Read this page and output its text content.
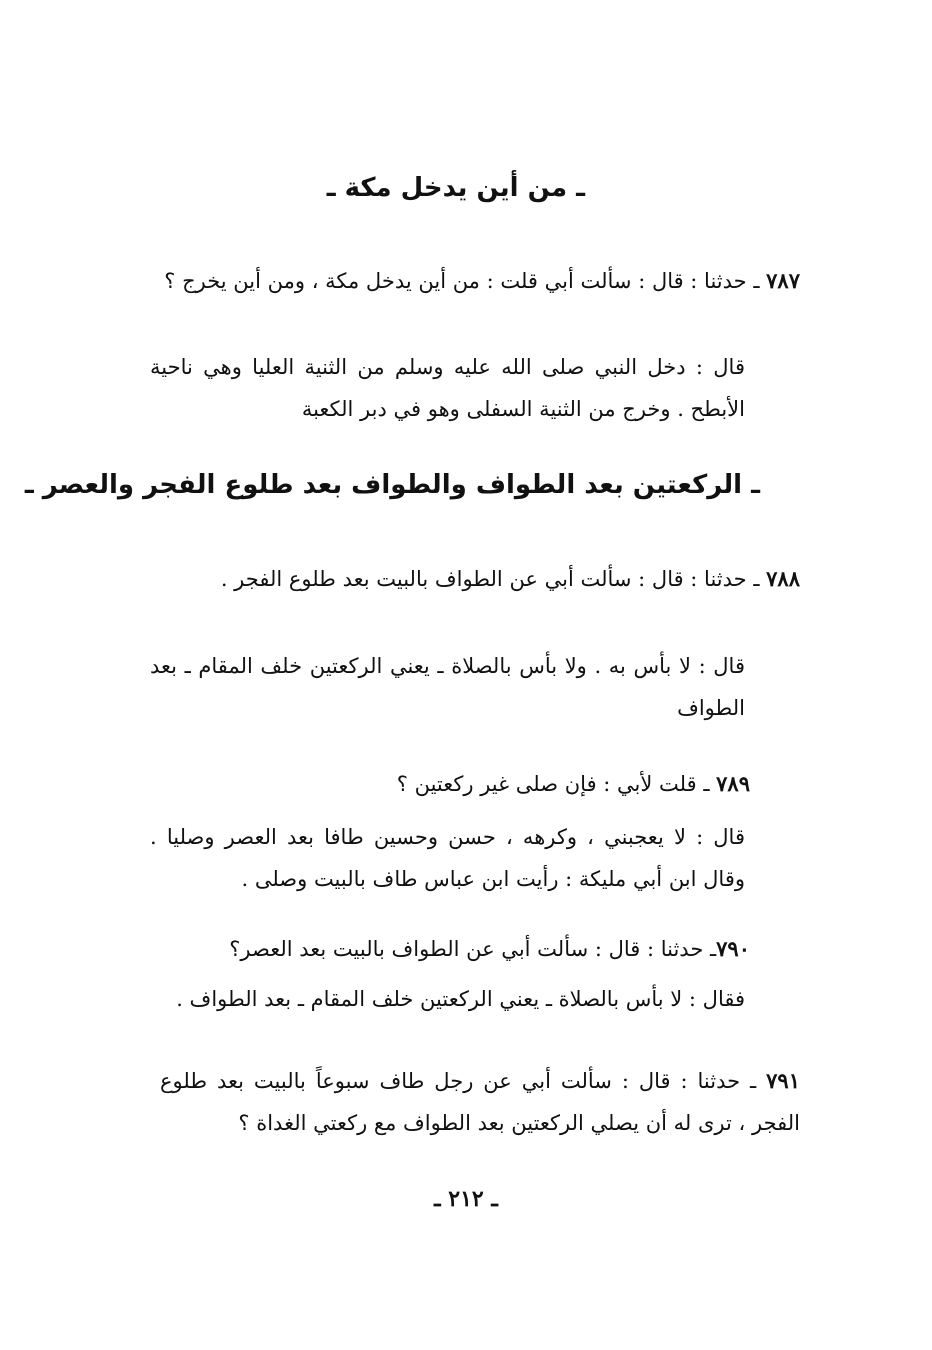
ـ من أين يدخل مكة ـ
٧٨٧ ـ حدثنا : قال : سألت أبي قلت : من أين يدخل مكة ، ومن أين يخرج ؟
قال : دخل النبي صلى الله عليه وسلم من الثنية العليا وهي ناحية الأبطح . وخرج من الثنية السفلى وهو في دبر الكعبة
ـ الركعتين بعد الطواف والطواف بعد طلوع الفجر والعصر ـ
٧٨٨ ـ حدثنا : قال : سألت أبي عن الطواف بالبيت بعد طلوع الفجر .
قال : لا بأس به . ولا بأس بالصلاة ـ يعني الركعتين خلف المقام ـ بعد الطواف
٧٨٩ ـ قلت لأبي : فإن صلى غير ركعتين ؟
قال : لا يعجبني ، وكرهه ، حسن وحسين طافا بعد العصر وصليا . وقال ابن أبي مليكة : رأيت ابن عباس طاف بالبيت وصلى .
٧٩٠ـ حدثنا : قال : سألت أبي عن الطواف بالبيت بعد العصر؟
فقال : لا بأس بالصلاة ـ يعني الركعتين خلف المقام ـ بعد الطواف .
٧٩١ ـ حدثنا : قال : سألت أبي عن رجل طاف سبوعاً بالبيت بعد طلوع الفجر ، ترى له أن يصلي الركعتين بعد الطواف مع ركعتي الغداة ؟
ـ ٢١٢ ـ
